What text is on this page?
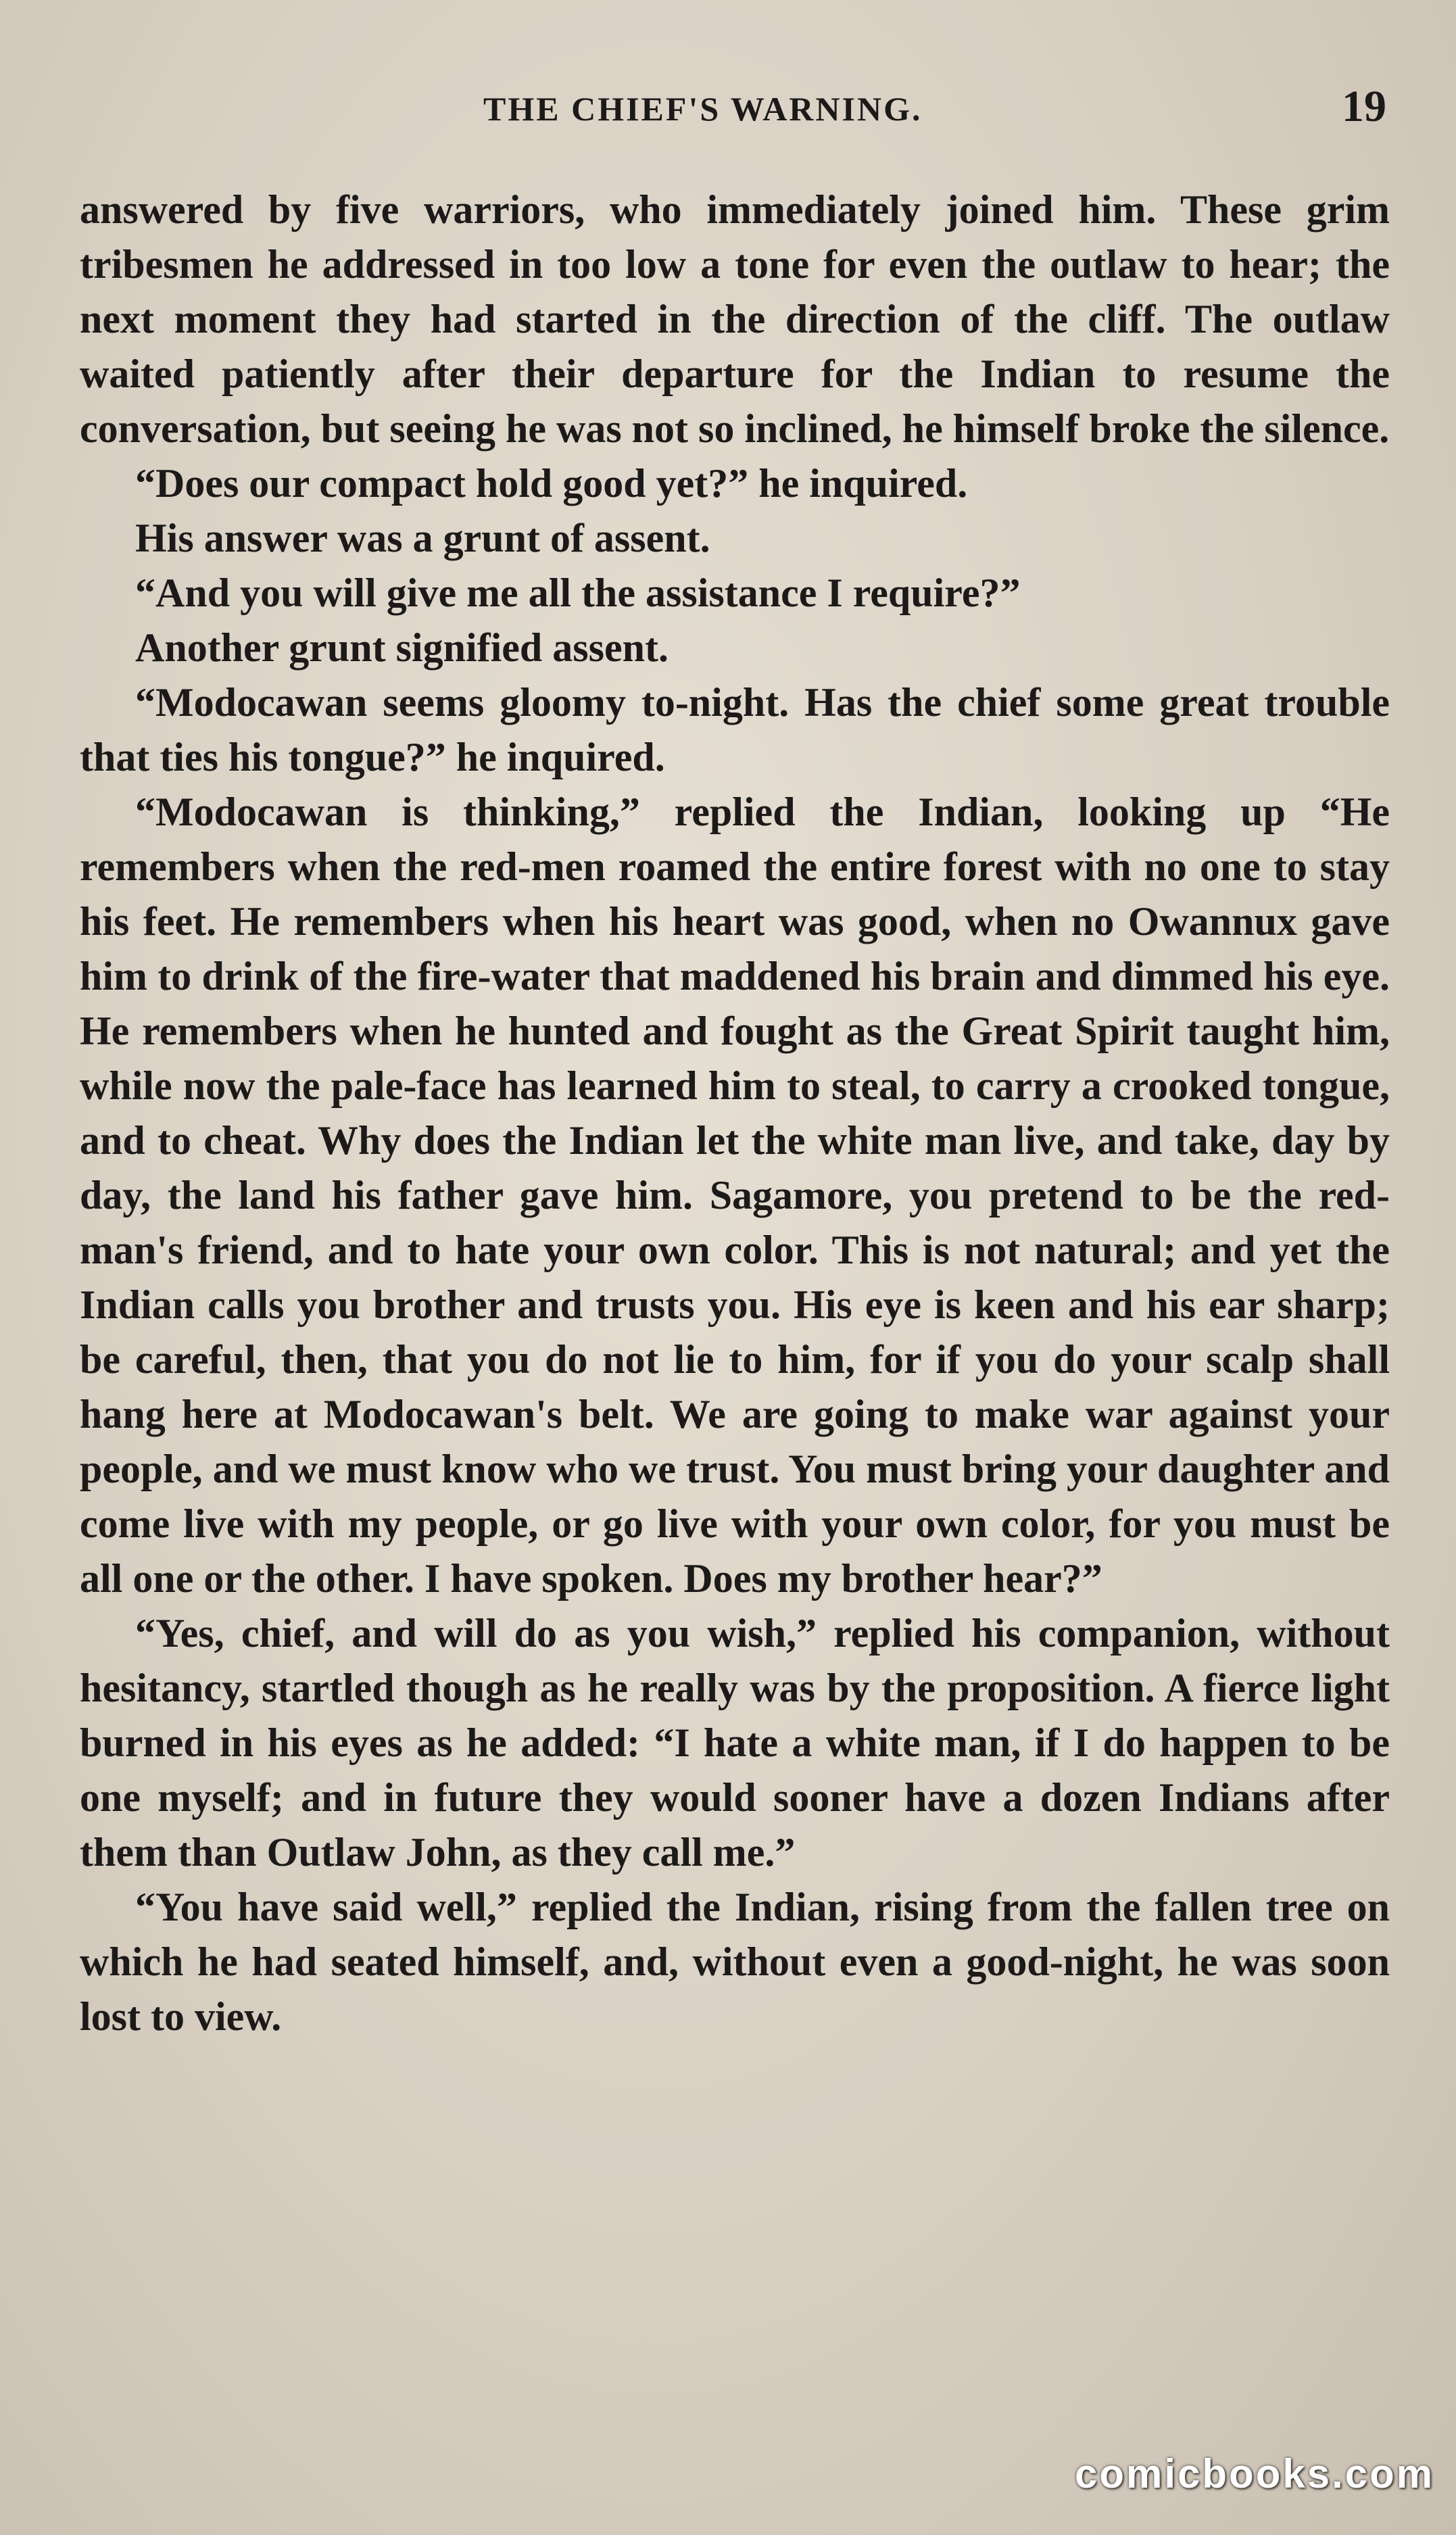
THE CHIEF'S WARNING.	19

answered by five warriors, who immediately joined him. These grim tribesmen he addressed in too low a tone for even the outlaw to hear; the next moment they had started in the direction of the cliff. The outlaw waited patiently after their departure for the Indian to resume the conversation, but seeing he was not so inclined, he himself broke the silence.

“Does our compact hold good yet?” he inquired.

His answer was a grunt of assent.

“And you will give me all the assistance I require?”

Another grunt signified assent.

“Modocawan seems gloomy to-night. Has the chief some great trouble that ties his tongue?” he inquired.

“Modocawan is thinking,” replied the Indian, looking up “He remembers when the red-men roamed the entire forest with no one to stay his feet. He remembers when his heart was good, when no Owannux gave him to drink of the fire-water that maddened his brain and dimmed his eye. He remembers when he hunted and fought as the Great Spirit taught him, while now the pale-face has learned him to steal, to carry a crooked tongue, and to cheat. Why does the Indian let the white man live, and take, day by day, the land his father gave him. Sagamore, you pretend to be the red-man's friend, and to hate your own color. This is not natural; and yet the Indian calls you brother and trusts you. His eye is keen and his ear sharp; be careful, then, that you do not lie to him, for if you do your scalp shall hang here at Modocawan's belt. We are going to make war against your people, and we must know who we trust. You must bring your daughter and come live with my people, or go live with your own color, for you must be all one or the other. I have spoken. Does my brother hear?”

“Yes, chief, and will do as you wish,” replied his companion, without hesitancy, startled though as he really was by the proposition. A fierce light burned in his eyes as he added: “I hate a white man, if I do happen to be one myself; and in future they would sooner have a dozen Indians after them than Outlaw John, as they call me.”

“You have said well,” replied the Indian, rising from the fallen tree on which he had seated himself, and, without even a good-night, he was soon lost to view.

comicbooks.com
